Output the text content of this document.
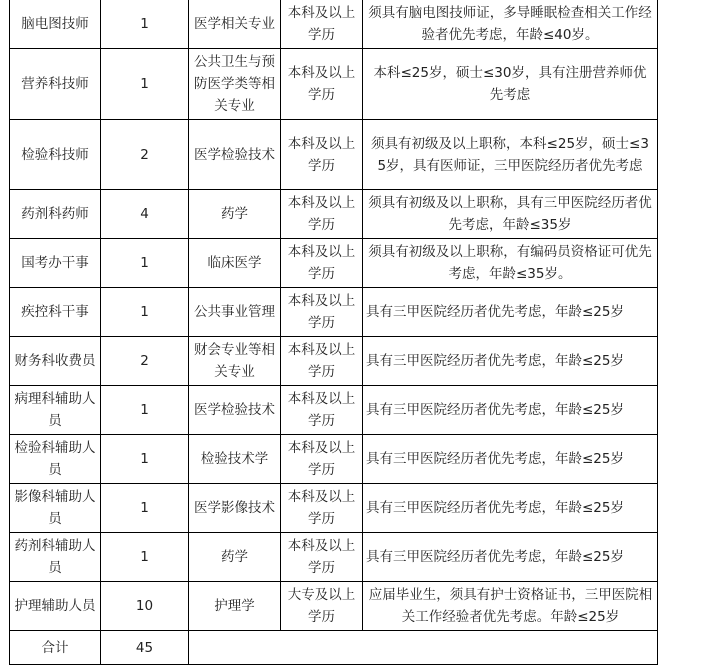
脑电图技师	1	医学相关专业	本科及以上学历	须具有脑电图技师证，多导睡眠检查相关工作经验者优先考虑，年龄≤40岁。
营养科技师	1	公共卫生与预防医学类等相关专业	本科及以上学历	本科≤25岁，硕士≤30岁，具有注册营养师优先考虑
检验科技师	2	医学检验技术	本科及以上学历	须具有初级及以上职称，本科≤25岁，硕士≤35岁，具有医师证，三甲医院经历者优先考虑
药剂科药师	4	药学	本科及以上学历	须具有初级及以上职称，具有三甲医院经历者优先考虑，年龄≤35岁
国考办干事	1	临床医学	本科及以上学历	须具有初级及以上职称，有编码员资格证可优先考虑，年龄≤35岁。
疾控科干事	1	公共事业管理	本科及以上学历	具有三甲医院经历者优先考虑，年龄≤25岁
财务科收费员	2	财会专业等相关专业	本科及以上学历	具有三甲医院经历者优先考虑，年龄≤25岁
病理科辅助人员	1	医学检验技术	本科及以上学历	具有三甲医院经历者优先考虑，年龄≤25岁
检验科辅助人员	1	检验技术学	本科及以上学历	具有三甲医院经历者优先考虑，年龄≤25岁
影像科辅助人员	1	医学影像技术	本科及以上学历	具有三甲医院经历者优先考虑，年龄≤25岁
药剂科辅助人员	1	药学	本科及以上学历	具有三甲医院经历者优先考虑，年龄≤25岁
护理辅助人员	10	护理学	大专及以上学历	应届毕业生，须具有护士资格证书，三甲医院相关工作经验者优先考虑。年龄≤25岁
合计	45			
